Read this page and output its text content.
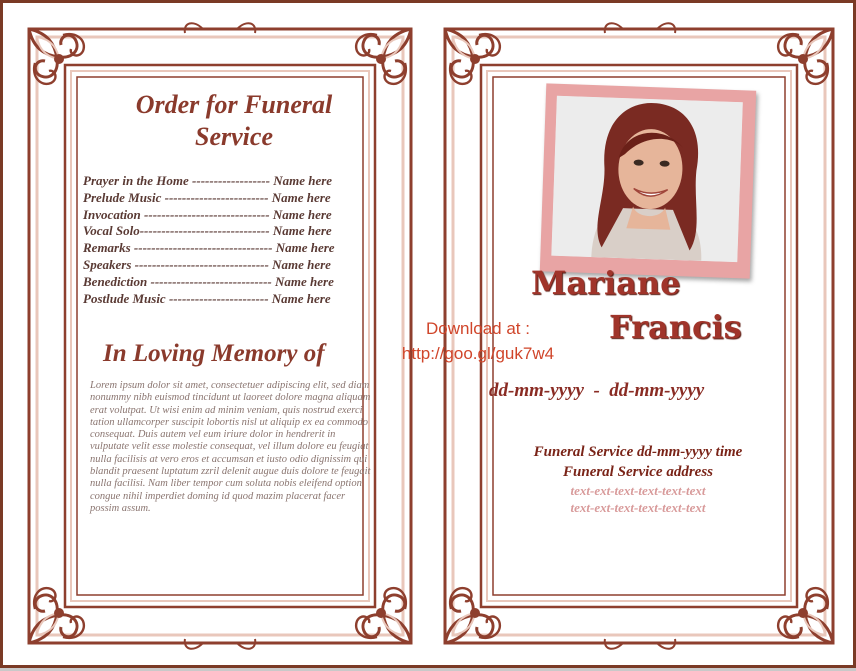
Order for Funeral
Service
Prayer in the Home ------------------ Name here
Prelude Music ------------------------ Name here
Invocation ----------------------------- Name here
Vocal Solo------------------------------ Name here
Remarks -------------------------------- Name here
Speakers ------------------------------- Name here
Benediction ---------------------------- Name here
Postlude Music ----------------------- Name here
In Loving Memory of
Lorem ipsum dolor sit amet, consectetuer adipiscing elit, sed diam nonummy nibh euismod tincidunt ut laoreet dolore magna aliquam erat volutpat. Ut wisi enim ad minim veniam, quis nostrud exerci tation ullamcorper suscipit lobortis nisl ut aliquip ex ea commodo consequat. Duis autem vel eum iriure dolor in hendrerit in vulputate velit esse molestie consequat, vel illum dolore eu feugiat nulla facilisis at vero eros et accumsan et iusto odio dignissim qui blandit praesent luptatum zzril delenit augue duis dolore te feugait nulla facilisi. Nam liber tempor cum soluta nobis eleifend option congue nihil imperdiet doming id quod mazim placerat facer possim assum.
Download at :
http://goo.gl/guk7w4
Mariane
Francis
dd-mm-yyyy  -  dd-mm-yyyy
Funeral Service dd-mm-yyyy time
Funeral Service address
text-ext-text-text-text-text
text-ext-text-text-text-text
